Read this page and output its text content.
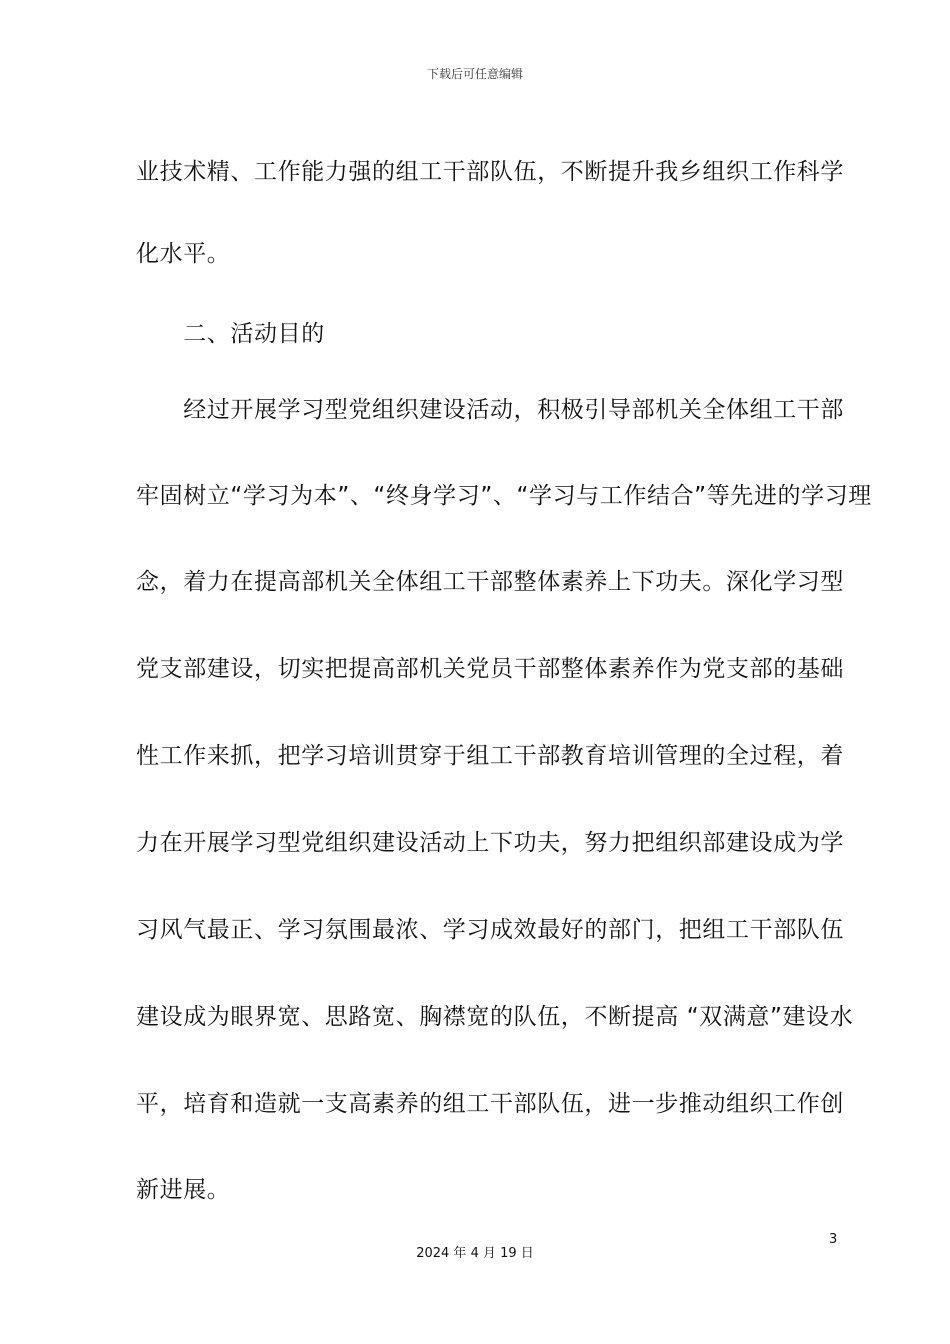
下载后可任意编辑
业技术精、工作能力强的组工干部队伍，不断提升我乡组织工作科学
化水平。
　　二、活动目的
　　经过开展学习型党组织建设活动，积极引导部机关全体组工干部
牢固树立“学习为本”、“终身学习”、“学习与工作结合”等先进的学习理
念，着力在提高部机关全体组工干部整体素养上下功夫。深化学习型
党支部建设，切实把提高部机关党员干部整体素养作为党支部的基础
性工作来抓，把学习培训贯穿于组工干部教育培训管理的全过程，着
力在开展学习型党组织建设活动上下功夫，努力把组织部建设成为学
习风气最正、学习氛围最浓、学习成效最好的部门，把组工干部队伍
建设成为眼界宽、思路宽、胸襟宽的队伍，不断提高 “双满意”建设水
平，培育和造就一支高素养的组工干部队伍，进一步推动组织工作创
新进展。
3
2024 年 4 月 19 日
